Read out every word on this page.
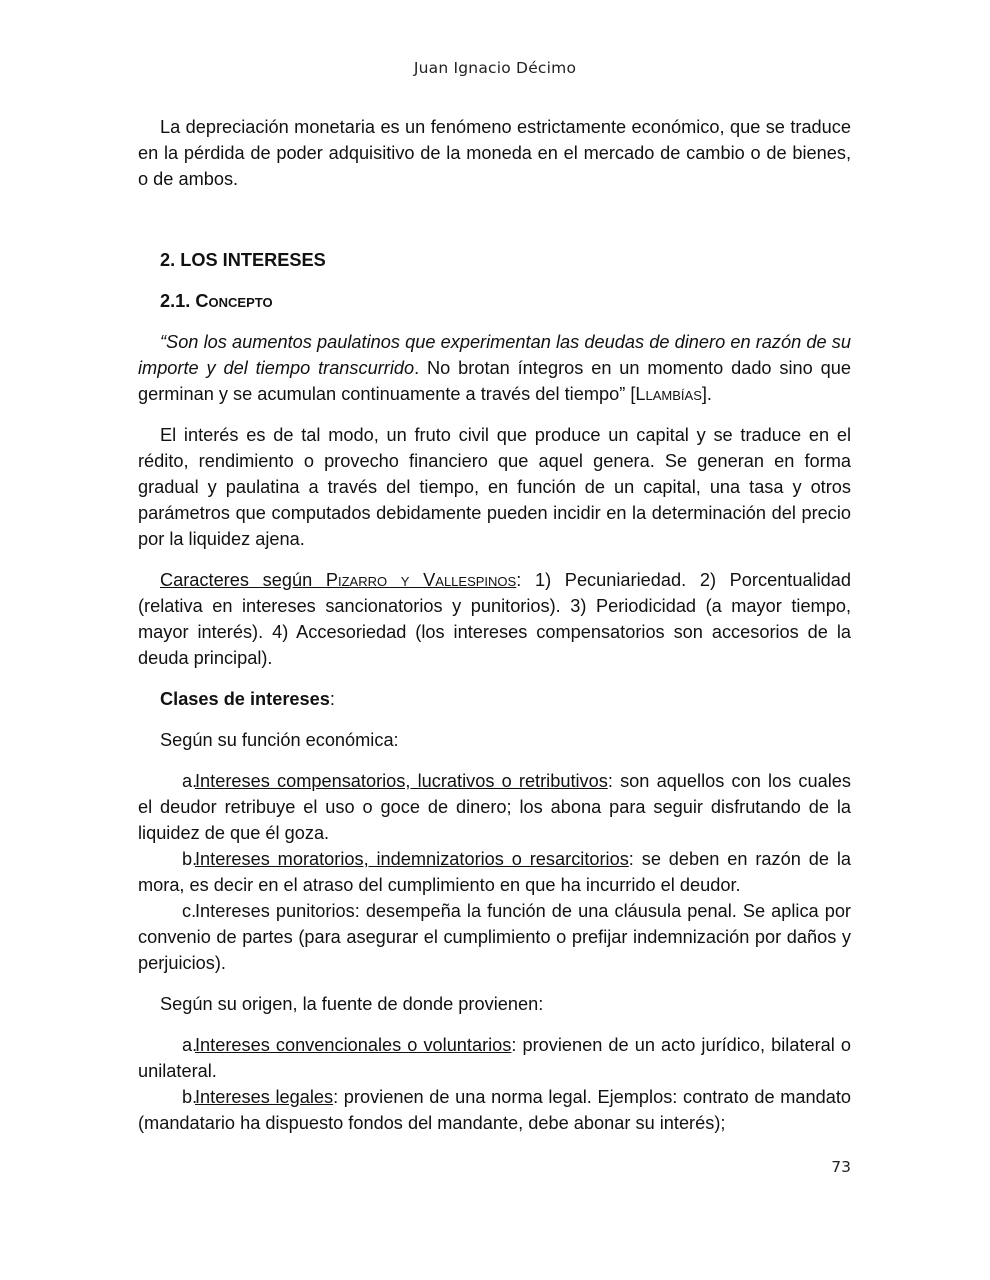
Juan Ignacio Décimo

La depreciación monetaria es un fenómeno estrictamente económico, que se traduce en la pérdida de poder adquisitivo de la moneda en el mercado de cambio o de bienes, o de ambos.

2. LOS INTERESES
2.1. Concepto

“Son los aumentos paulatinos que experimentan las deudas de dinero en razón de su importe y del tiempo transcurrido. No brotan íntegros en un momento dado sino que germinan y se acumulan continuamente a través del tiempo” [Llambías].

El interés es de tal modo, un fruto civil que produce un capital y se traduce en el rédito, rendimiento o provecho financiero que aquel genera. Se generan en forma gradual y paulatina a través del tiempo, en función de un capital, una tasa y otros parámetros que computados debidamente pueden incidir en la determinación del precio por la liquidez ajena.

Caracteres según Pizarro y Vallespinos: 1) Pecuniariedad. 2) Porcentualidad (relativa en intereses sancionatorios y punitorios). 3) Periodicidad (a mayor tiempo, mayor interés). 4) Accesoriedad (los intereses compensatorios son accesorios de la deuda principal).

Clases de intereses:

Según su función económica:

a.Intereses compensatorios, lucrativos o retributivos: son aquellos con los cuales el deudor retribuye el uso o goce de dinero; los abona para seguir disfrutando de la liquidez de que él goza.

b.Intereses moratorios, indemnizatorios o resarcitorios: se deben en razón de la mora, es decir en el atraso del cumplimiento en que ha incurrido el deudor.

c.Intereses punitorios: desempeña la función de una cláusula penal. Se aplica por convenio de partes (para asegurar el cumplimiento o prefijar indemnización por daños y perjuicios).

Según su origen, la fuente de donde provienen:

a.Intereses convencionales o voluntarios: provienen de un acto jurídico, bilateral o unilateral.

b.Intereses legales: provienen de una norma legal. Ejemplos: contrato de mandato (mandatario ha dispuesto fondos del mandante, debe abonar su interés);

73
